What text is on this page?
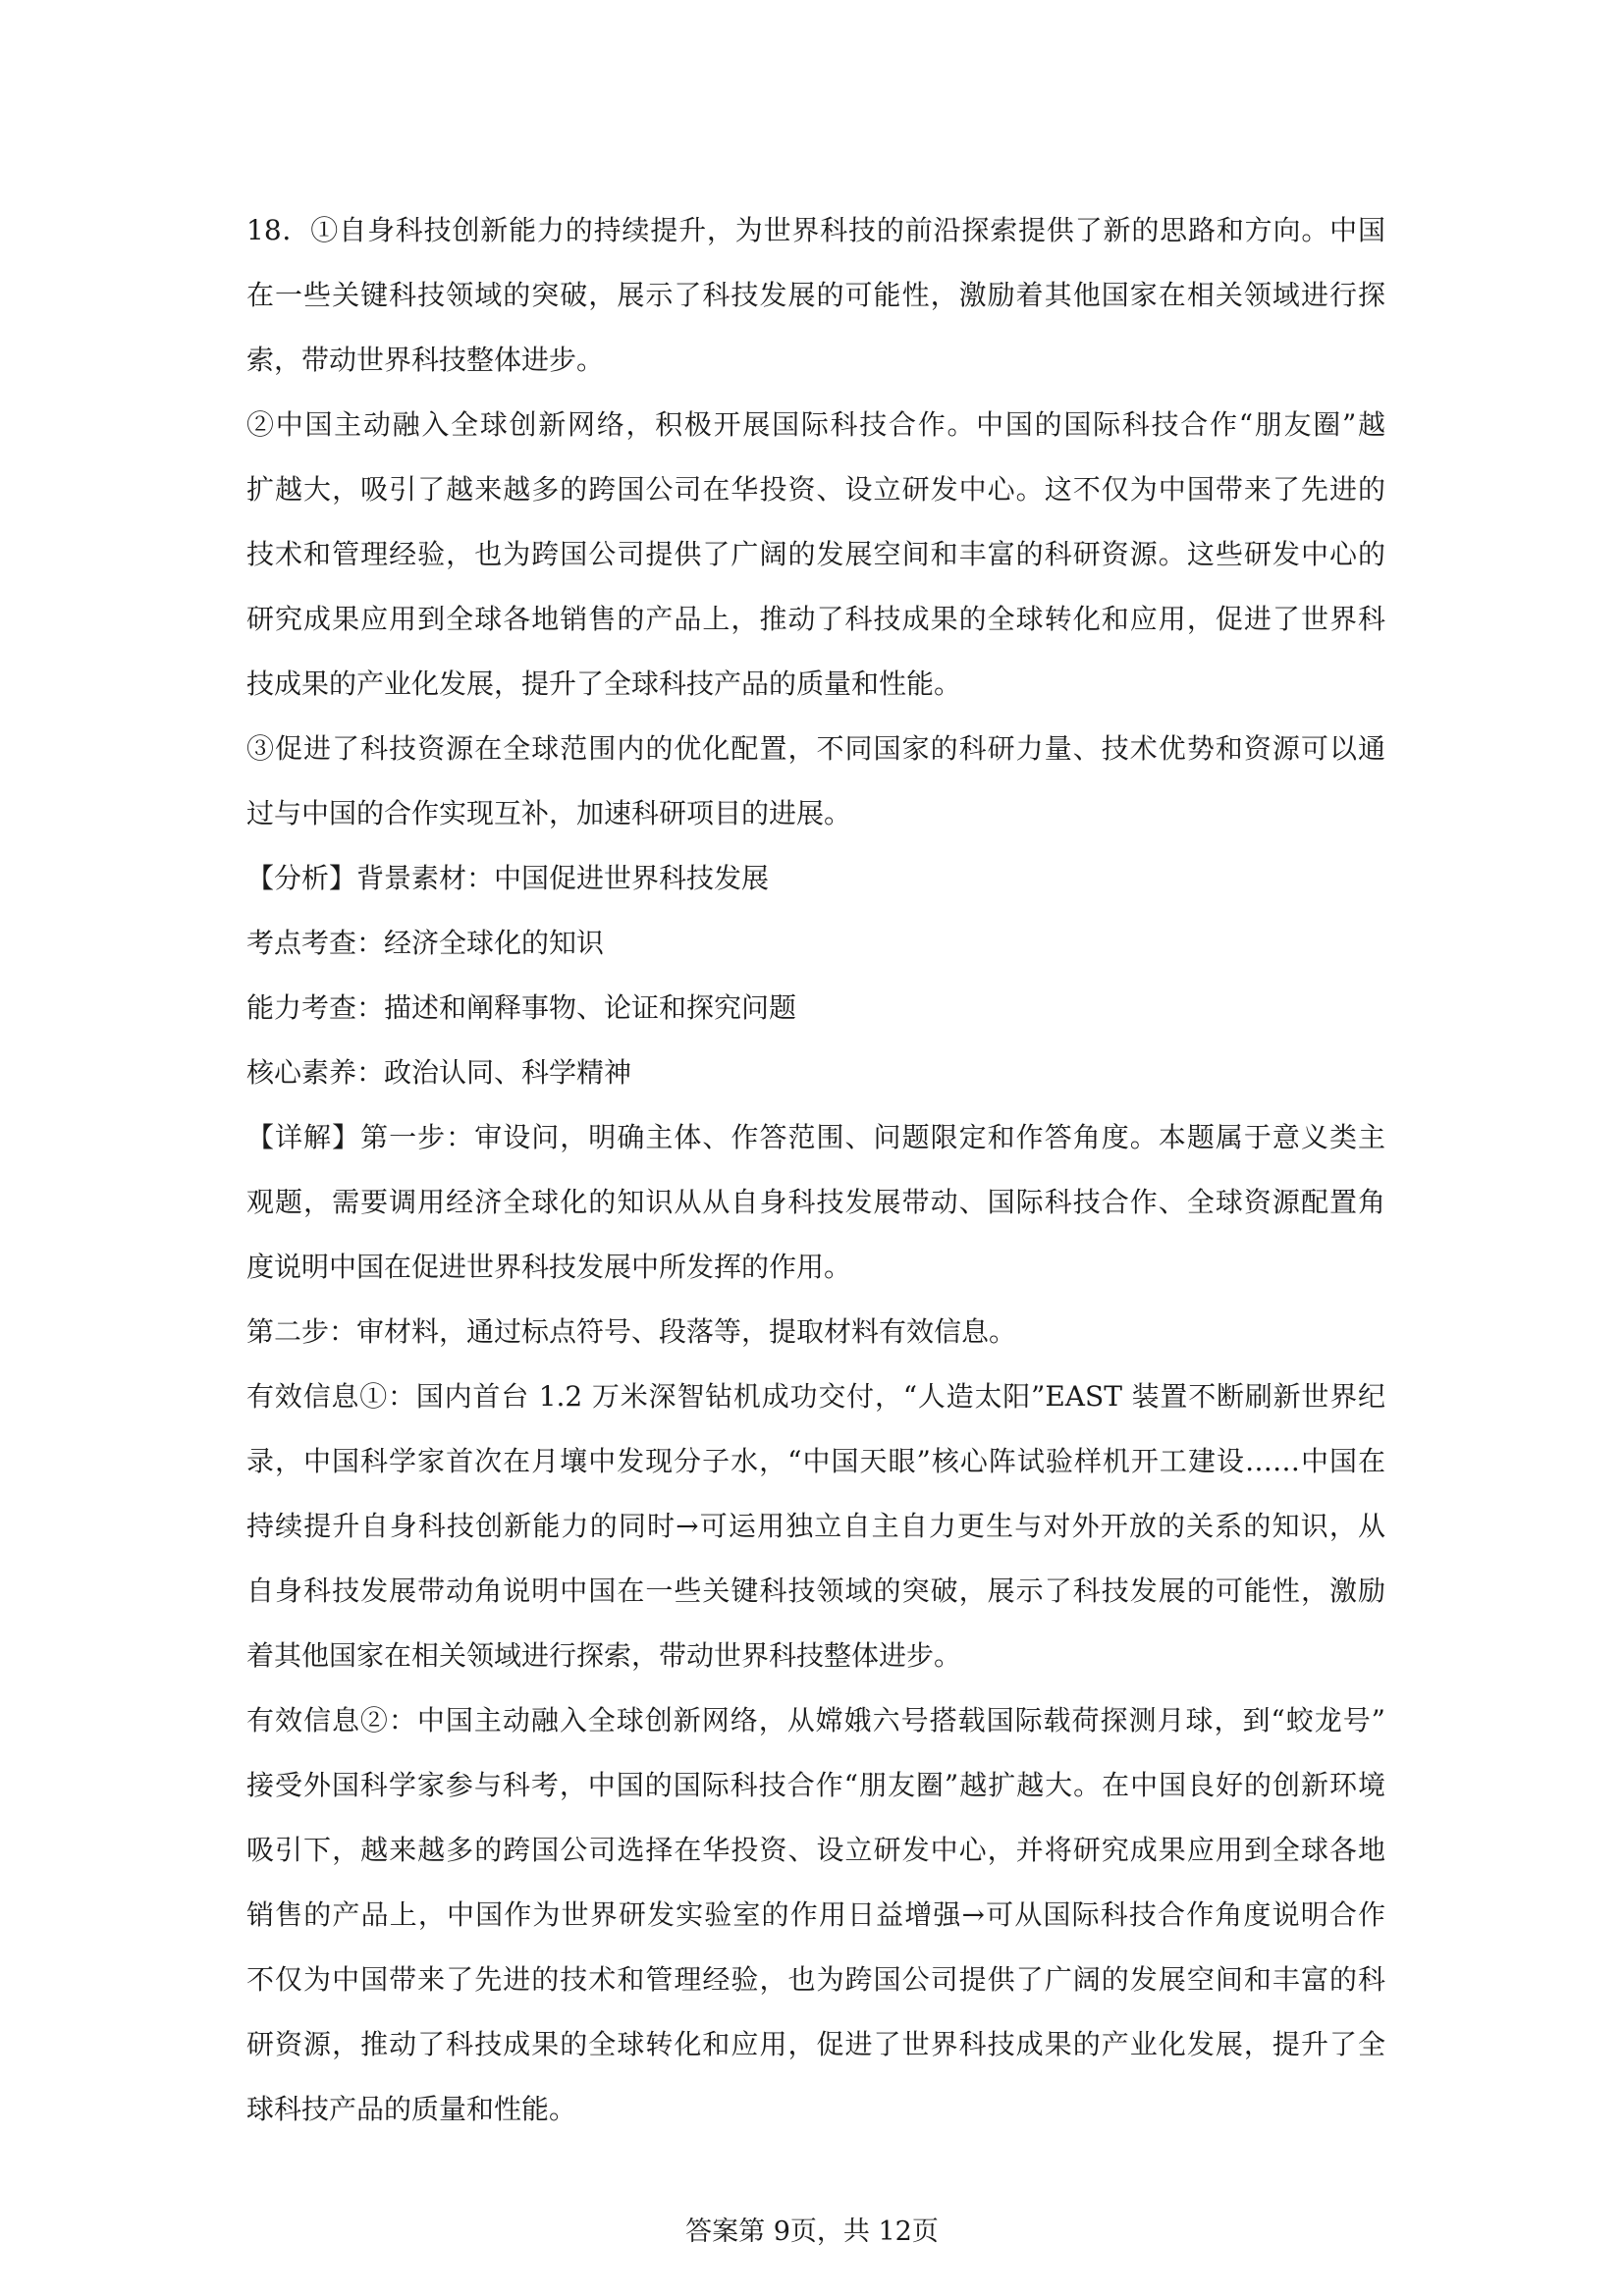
18．①自身科技创新能力的持续提升，为世界科技的前沿探索提供了新的思路和方向。中国
在一些关键科技领域的突破，展示了科技发展的可能性，激励着其他国家在相关领域进行探
索，带动世界科技整体进步。
②中国主动融入全球创新网络，积极开展国际科技合作。中国的国际科技合作“朋友圈”越
扩越大，吸引了越来越多的跨国公司在华投资、设立研发中心。这不仅为中国带来了先进的
技术和管理经验，也为跨国公司提供了广阔的发展空间和丰富的科研资源。这些研发中心的
研究成果应用到全球各地销售的产品上，推动了科技成果的全球转化和应用，促进了世界科
技成果的产业化发展，提升了全球科技产品的质量和性能。
③促进了科技资源在全球范围内的优化配置，不同国家的科研力量、技术优势和资源可以通
过与中国的合作实现互补，加速科研项目的进展。
【分析】背景素材：中国促进世界科技发展
考点考查：经济全球化的知识
能力考查：描述和阐释事物、论证和探究问题
核心素养：政治认同、科学精神
【详解】第一步：审设问，明确主体、作答范围、问题限定和作答角度。本题属于意义类主
观题，需要调用经济全球化的知识从从自身科技发展带动、国际科技合作、全球资源配置角
度说明中国在促进世界科技发展中所发挥的作用。
第二步：审材料，通过标点符号、段落等，提取材料有效信息。
有效信息①：国内首台 1.2 万米深智钻机成功交付，“人造太阳”EAST 装置不断刷新世界纪
录，中国科学家首次在月壤中发现分子水，“中国天眼”核心阵试验样机开工建设……中国在
持续提升自身科技创新能力的同时→可运用独立自主自力更生与对外开放的关系的知识，从
自身科技发展带动角说明中国在一些关键科技领域的突破，展示了科技发展的可能性，激励
着其他国家在相关领域进行探索，带动世界科技整体进步。
有效信息②：中国主动融入全球创新网络，从嫦娥六号搭载国际载荷探测月球，到“蛟龙号”
接受外国科学家参与科考，中国的国际科技合作“朋友圈”越扩越大。在中国良好的创新环境
吸引下，越来越多的跨国公司选择在华投资、设立研发中心，并将研究成果应用到全球各地
销售的产品上，中国作为世界研发实验室的作用日益增强→可从国际科技合作角度说明合作
不仅为中国带来了先进的技术和管理经验，也为跨国公司提供了广阔的发展空间和丰富的科
研资源，推动了科技成果的全球转化和应用，促进了世界科技成果的产业化发展，提升了全
球科技产品的质量和性能。
答案第 9页，共 12页
